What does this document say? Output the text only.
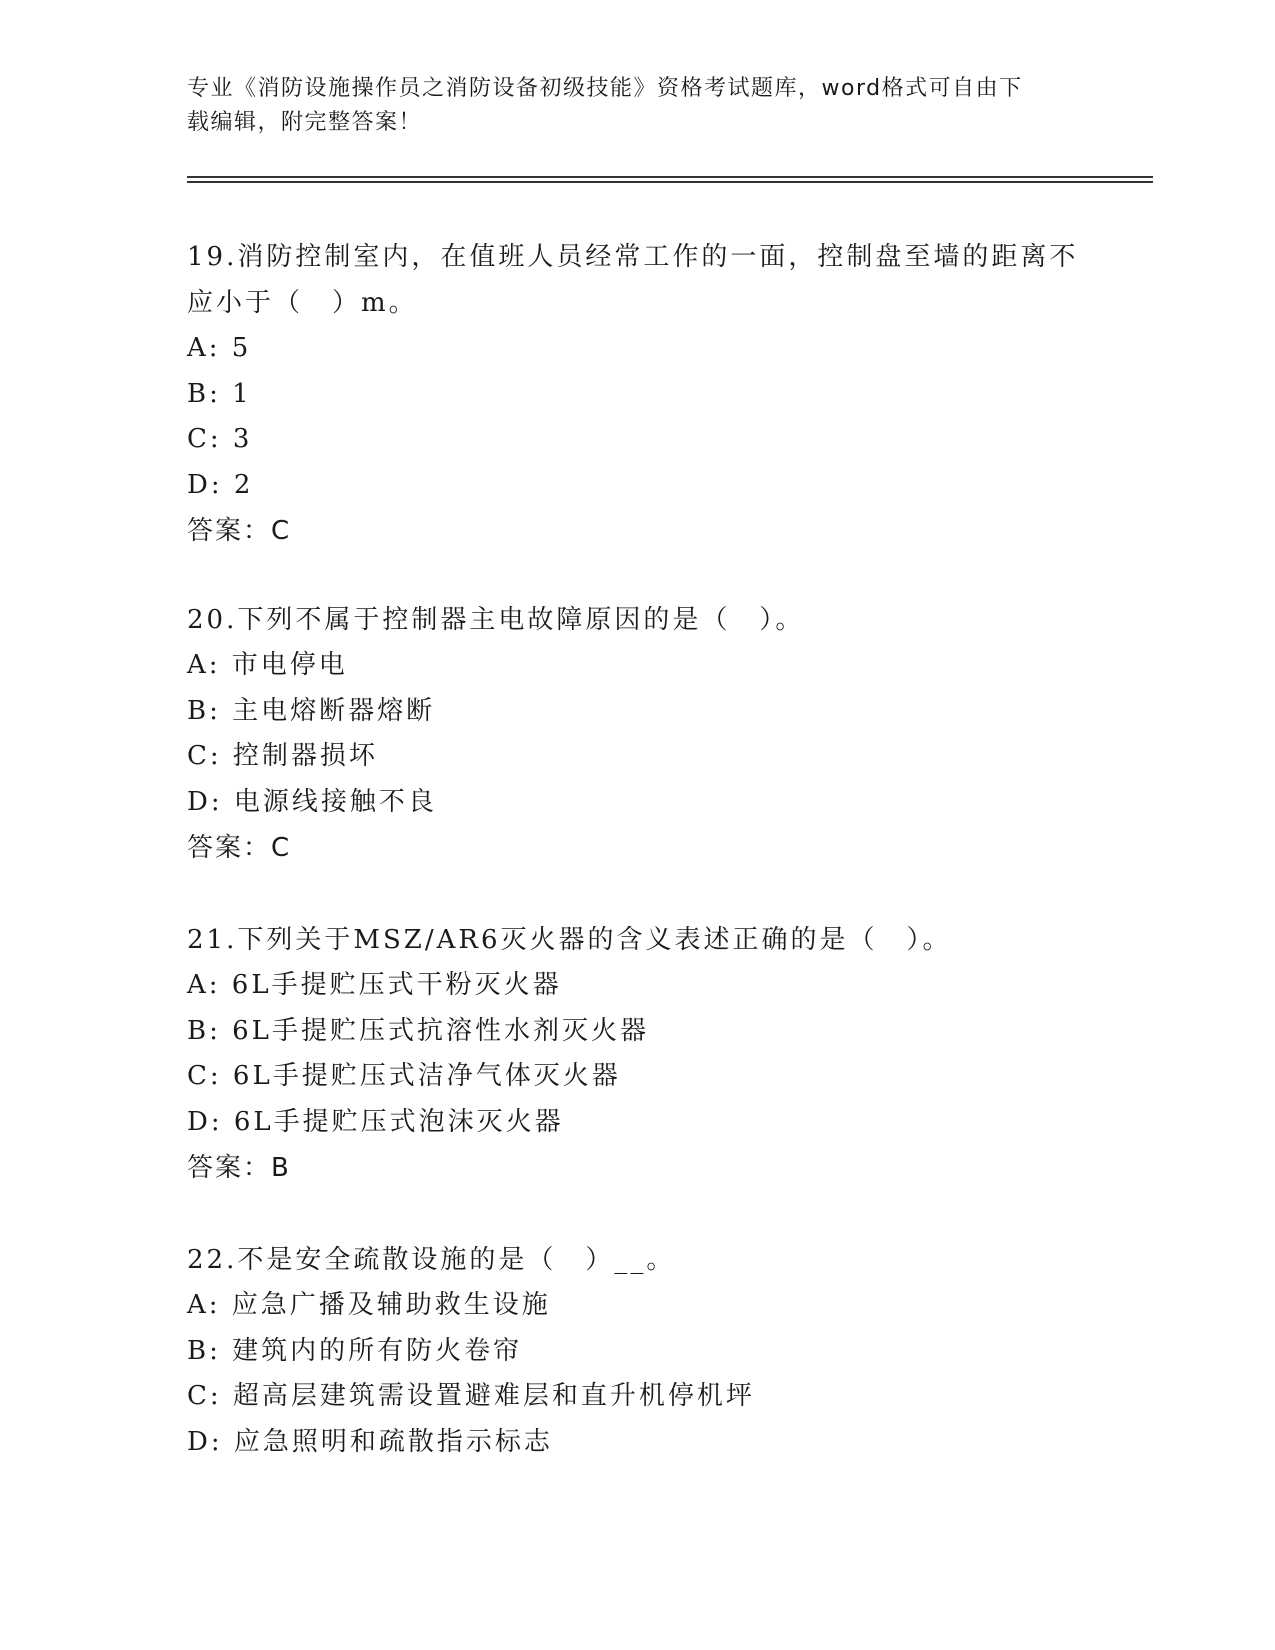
专业《消防设施操作员之消防设备初级技能》资格考试题库，word格式可自由下
载编辑，附完整答案！
19.消防控制室内，在值班人员经常工作的一面，控制盘至墙的距离不
应小于（　）m。
A: 5
B: 1
C: 3
D: 2
答案：C
20.下列不属于控制器主电故障原因的是（　）。
A: 市电停电
B: 主电熔断器熔断
C: 控制器损坏
D: 电源线接触不良
答案：C
21.下列关于MSZ/AR6灭火器的含义表述正确的是（　）。
A: 6L手提贮压式干粉灭火器
B: 6L手提贮压式抗溶性水剂灭火器
C: 6L手提贮压式洁净气体灭火器
D: 6L手提贮压式泡沫灭火器
答案：B
22.不是安全疏散设施的是（　）__。
A: 应急广播及辅助救生设施
B: 建筑内的所有防火卷帘
C: 超高层建筑需设置避难层和直升机停机坪
D: 应急照明和疏散指示标志
